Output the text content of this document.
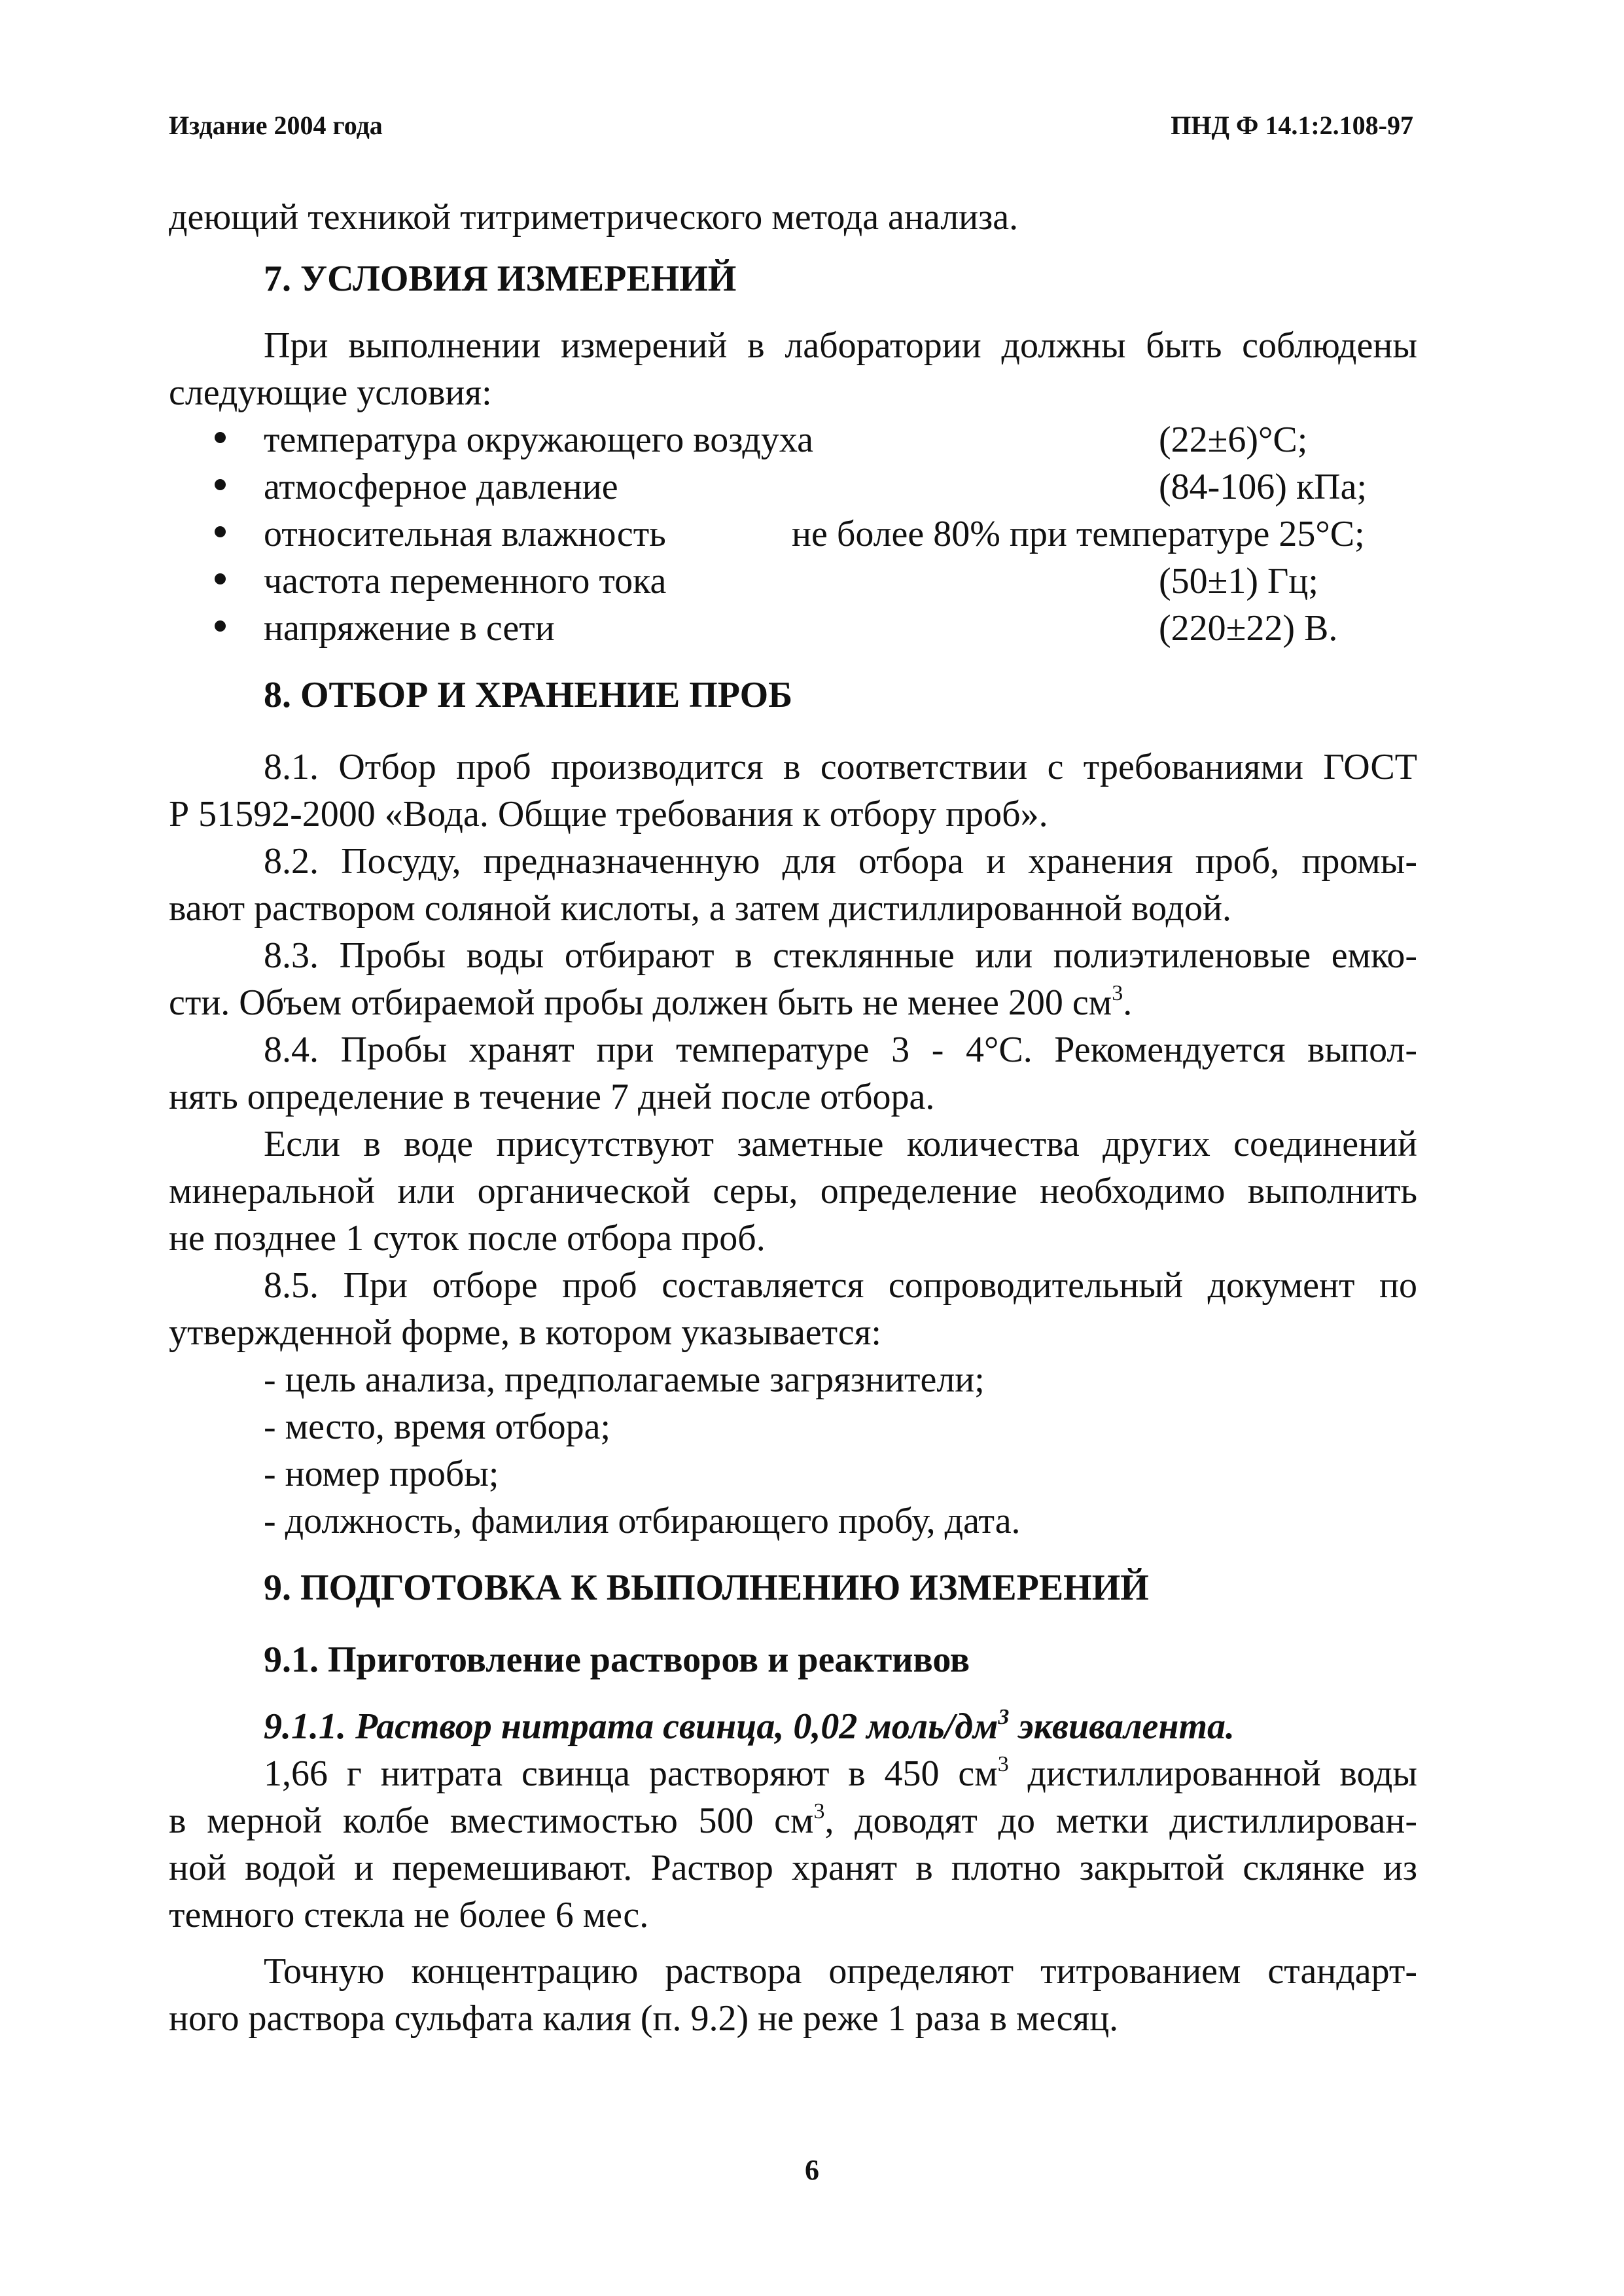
Издание 2004 года	ПНД Ф 14.1:2.108-97
деющий техникой титриметрического метода анализа.
7. УСЛОВИЯ ИЗМЕРЕНИЙ
При выполнении измерений в лаборатории должны быть соблюдены
следующие условия:
температура окружающего воздуха	(22±6)°С;
атмосферное давление	(84-106) кПа;
относительная влажность	не более 80% при температуре 25°С;
частота переменного тока	(50±1) Гц;
напряжение в сети	(220±22) В.
8. ОТБОР И ХРАНЕНИЕ ПРОБ
8.1. Отбор проб производится в соответствии с требованиями ГОСТ
Р 51592-2000 «Вода. Общие требования к отбору проб».
8.2. Посуду, предназначенную для отбора и хранения проб, промы-
вают раствором соляной кислоты, а затем дистиллированной водой.
8.3. Пробы воды отбирают в стеклянные или полиэтиленовые емко-
сти. Объем отбираемой пробы должен быть не менее 200 $см^3$.
8.4. Пробы хранят при температуре 3 - 4°С. Рекомендуется выпол-
нять определение в течение 7 дней после отбора.
Если в воде присутствуют заметные количества других соединений
минеральной или органической серы, определение необходимо выполнить
не позднее 1 суток после отбора проб.
8.5. При отборе проб составляется сопроводительный документ по
утвержденной форме, в котором указывается:
- цель анализа, предполагаемые загрязнители;
- место, время отбора;
- номер пробы;
- должность, фамилия отбирающего пробу, дата.
9. ПОДГОТОВКА К ВЫПОЛНЕНИЮ ИЗМЕРЕНИЙ
9.1. Приготовление растворов и реактивов
9.1.1. Раствор нитрата свинца, 0,02 моль/$дм^3$ эквивалента.
1,66 г нитрата свинца растворяют в 450 $см^3$ дистиллированной воды
в мерной колбе вместимостью 500 $см^3$, доводят до метки дистиллирован-
ной водой и перемешивают. Раствор хранят в плотно закрытой склянке из
темного стекла не более 6 мес.
Точную концентрацию раствора определяют титрованием стандарт-
ного раствора сульфата калия (п. 9.2) не реже 1 раза в месяц.
6
